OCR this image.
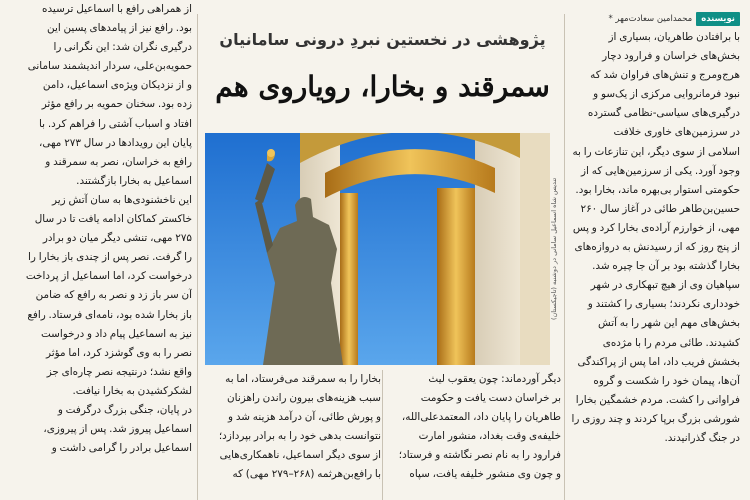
نویسنده
محمدامین سعادت‌مهر *
پژوهشی در نخستین نبردِ درونی سامانیان
سمرقند و بخارا، رویاروی هم
تندیس شاه اسماعیل سامانی در دوشنبه (تاجیکستان)
با برافتادن طاهریان، بسیاری از
بخش‌های خراسان و فرارود دچار
هرج‌ومرج و تنش‌های فراوان شد که
نبود فرمانروایی مرکزی از یک‌سو و
درگیری‌های سیاسی-نظامی گسترده
در سرزمین‌های خاوری خلافت
اسلامی از سوی دیگر، این تنازعات را به
وجود آورد. یکی از سرزمین‌هایی که از
حکومتی استوار بی‌بهره ماند، بخارا بود.
حسین‌بن‌طاهر طائی در آغاز سال ۲۶۰
مهی، از خوارزم آراده‌ی بخارا کرد و پس
از پنج روز که از رسیدنش به دروازه‌های
بخارا گذشته بود بر آن جا چیره شد.
سپاهیان وی از هیچ تبهکاری در شهر
خودداری نکردند؛ بسیاری را کشتند و
بخش‌های مهم این شهر را به آتش
کشیدند. طائی مردم را با مژده‌ی
بخشش فریب داد، اما پس از پراکندگی
آن‌ها، پیمان خود را شکست و گروه
فراوانی را کشت. مردم خشمگین بخارا
شورشی بزرگ برپا کردند و چند روزی را
در جنگ گذرانیدند.
از همراهی رافع با اسماعیل ترسیده
بود. رافع نیز از پیامدهای پسین این
درگیری نگران شد: این نگرانی را
حمویه‌بن‌علی، سردار اندیشمند سامانی
و از نزدیکان ویژه‌ی اسماعیل، دامن
زده بود. سخنان حمویه بر رافع مؤثر
افتاد و اسباب آشتی را فراهم کرد. با
پایان این رویدادها در سال ۲۷۳ مهی،
رافع به خراسان، نصر به سمرقند و
اسماعیل به بخارا بازگشتند.
این ناخشنودی‌ها به سان آتش زیر
خاکستر کماکان ادامه یافت تا در سال
۲۷۵ مهی، تنشی دیگر میان دو برادر
را گرفت. نصر پس از چندی باز بخارا را
درخواست کرد، اما اسماعیل از پرداخت
آن سر باز زد و نصر به رافع که ضامن
باز بخارا شده بود، نامه‌ای فرستاد. رافع
نیز به اسماعیل پیام داد و درخواست
نصر را به وی گوشزد کرد، اما مؤثر
واقع نشد؛ درنتیجه نصر چاره‌ای جز
لشکرکشیدن به بخارا نیافت.
در پایان، جنگی بزرگ درگرفت و
اسماعیل پیروز شد. پس از پیروزی،
اسماعیل برادر را گرامی داشت و
دیگر آوردماند: چون یعقوب لیث
بر خراسان دست یافت و حکومت
طاهریان را پایان داد، المعتمدعلی‌الله،
خلیفه‌ی وقت بغداد، منشور امارت
فرارود را به نام نصر نگاشته و فرستاد؛
و چون وی منشور خلیفه یافت، سپاه
بخارا را به سمرقند می‌فرستاد، اما به
سبب هزینه‌های بیرون راندن راهزنان
و پورش طائی، آن درآمد هزینه شد و
نتوانست بدهی خود را به برادر بپردازد؛
از سوی دیگر اسماعیل، ناهمکاری‌هایی
با رافع‌بن‌هرثمه (۲۶۸–۲۷۹ مهی) که
